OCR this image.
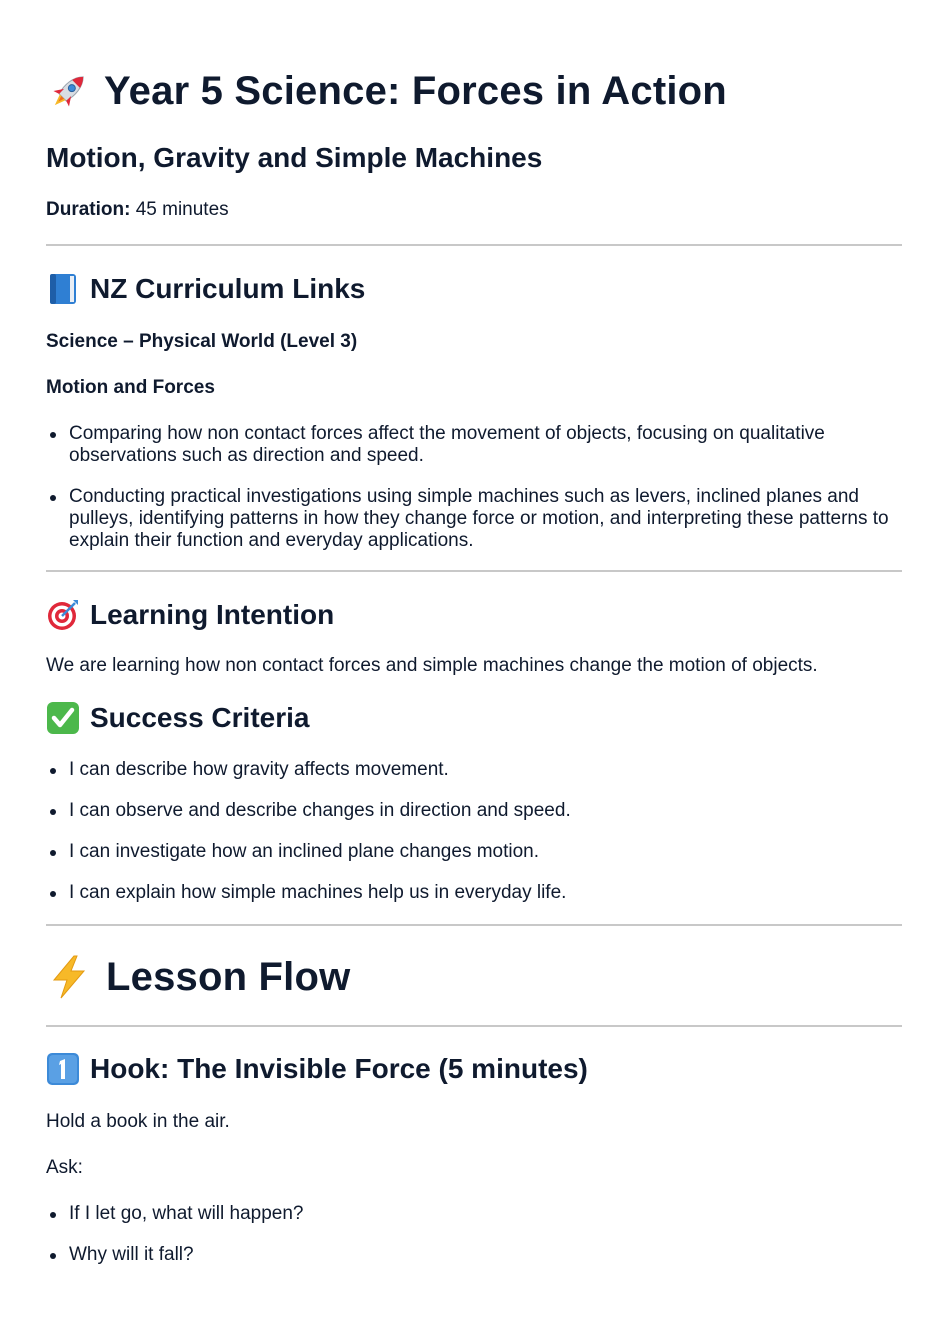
Year 5 Science: Forces in Action
Motion, Gravity and Simple Machines

Duration: 45 minutes

NZ Curriculum Links

Science – Physical World (Level 3)

Motion and Forces

Comparing how non contact forces affect the movement of objects, focusing on qualitative observations such as direction and speed.
Conducting practical investigations using simple machines such as levers, inclined planes and pulleys, identifying patterns in how they change force or motion, and interpreting these patterns to explain their function and everyday applications.
Learning Intention

We are learning how non contact forces and simple machines change the motion of objects.

Success Criteria
I can describe how gravity affects movement.
I can observe and describe changes in direction and speed.
I can investigate how an inclined plane changes motion.
I can explain how simple machines help us in everyday life.
Lesson Flow
Hook: The Invisible Force (5 minutes)

Hold a book in the air.

Ask:

If I let go, what will happen?
Why will it fall?
